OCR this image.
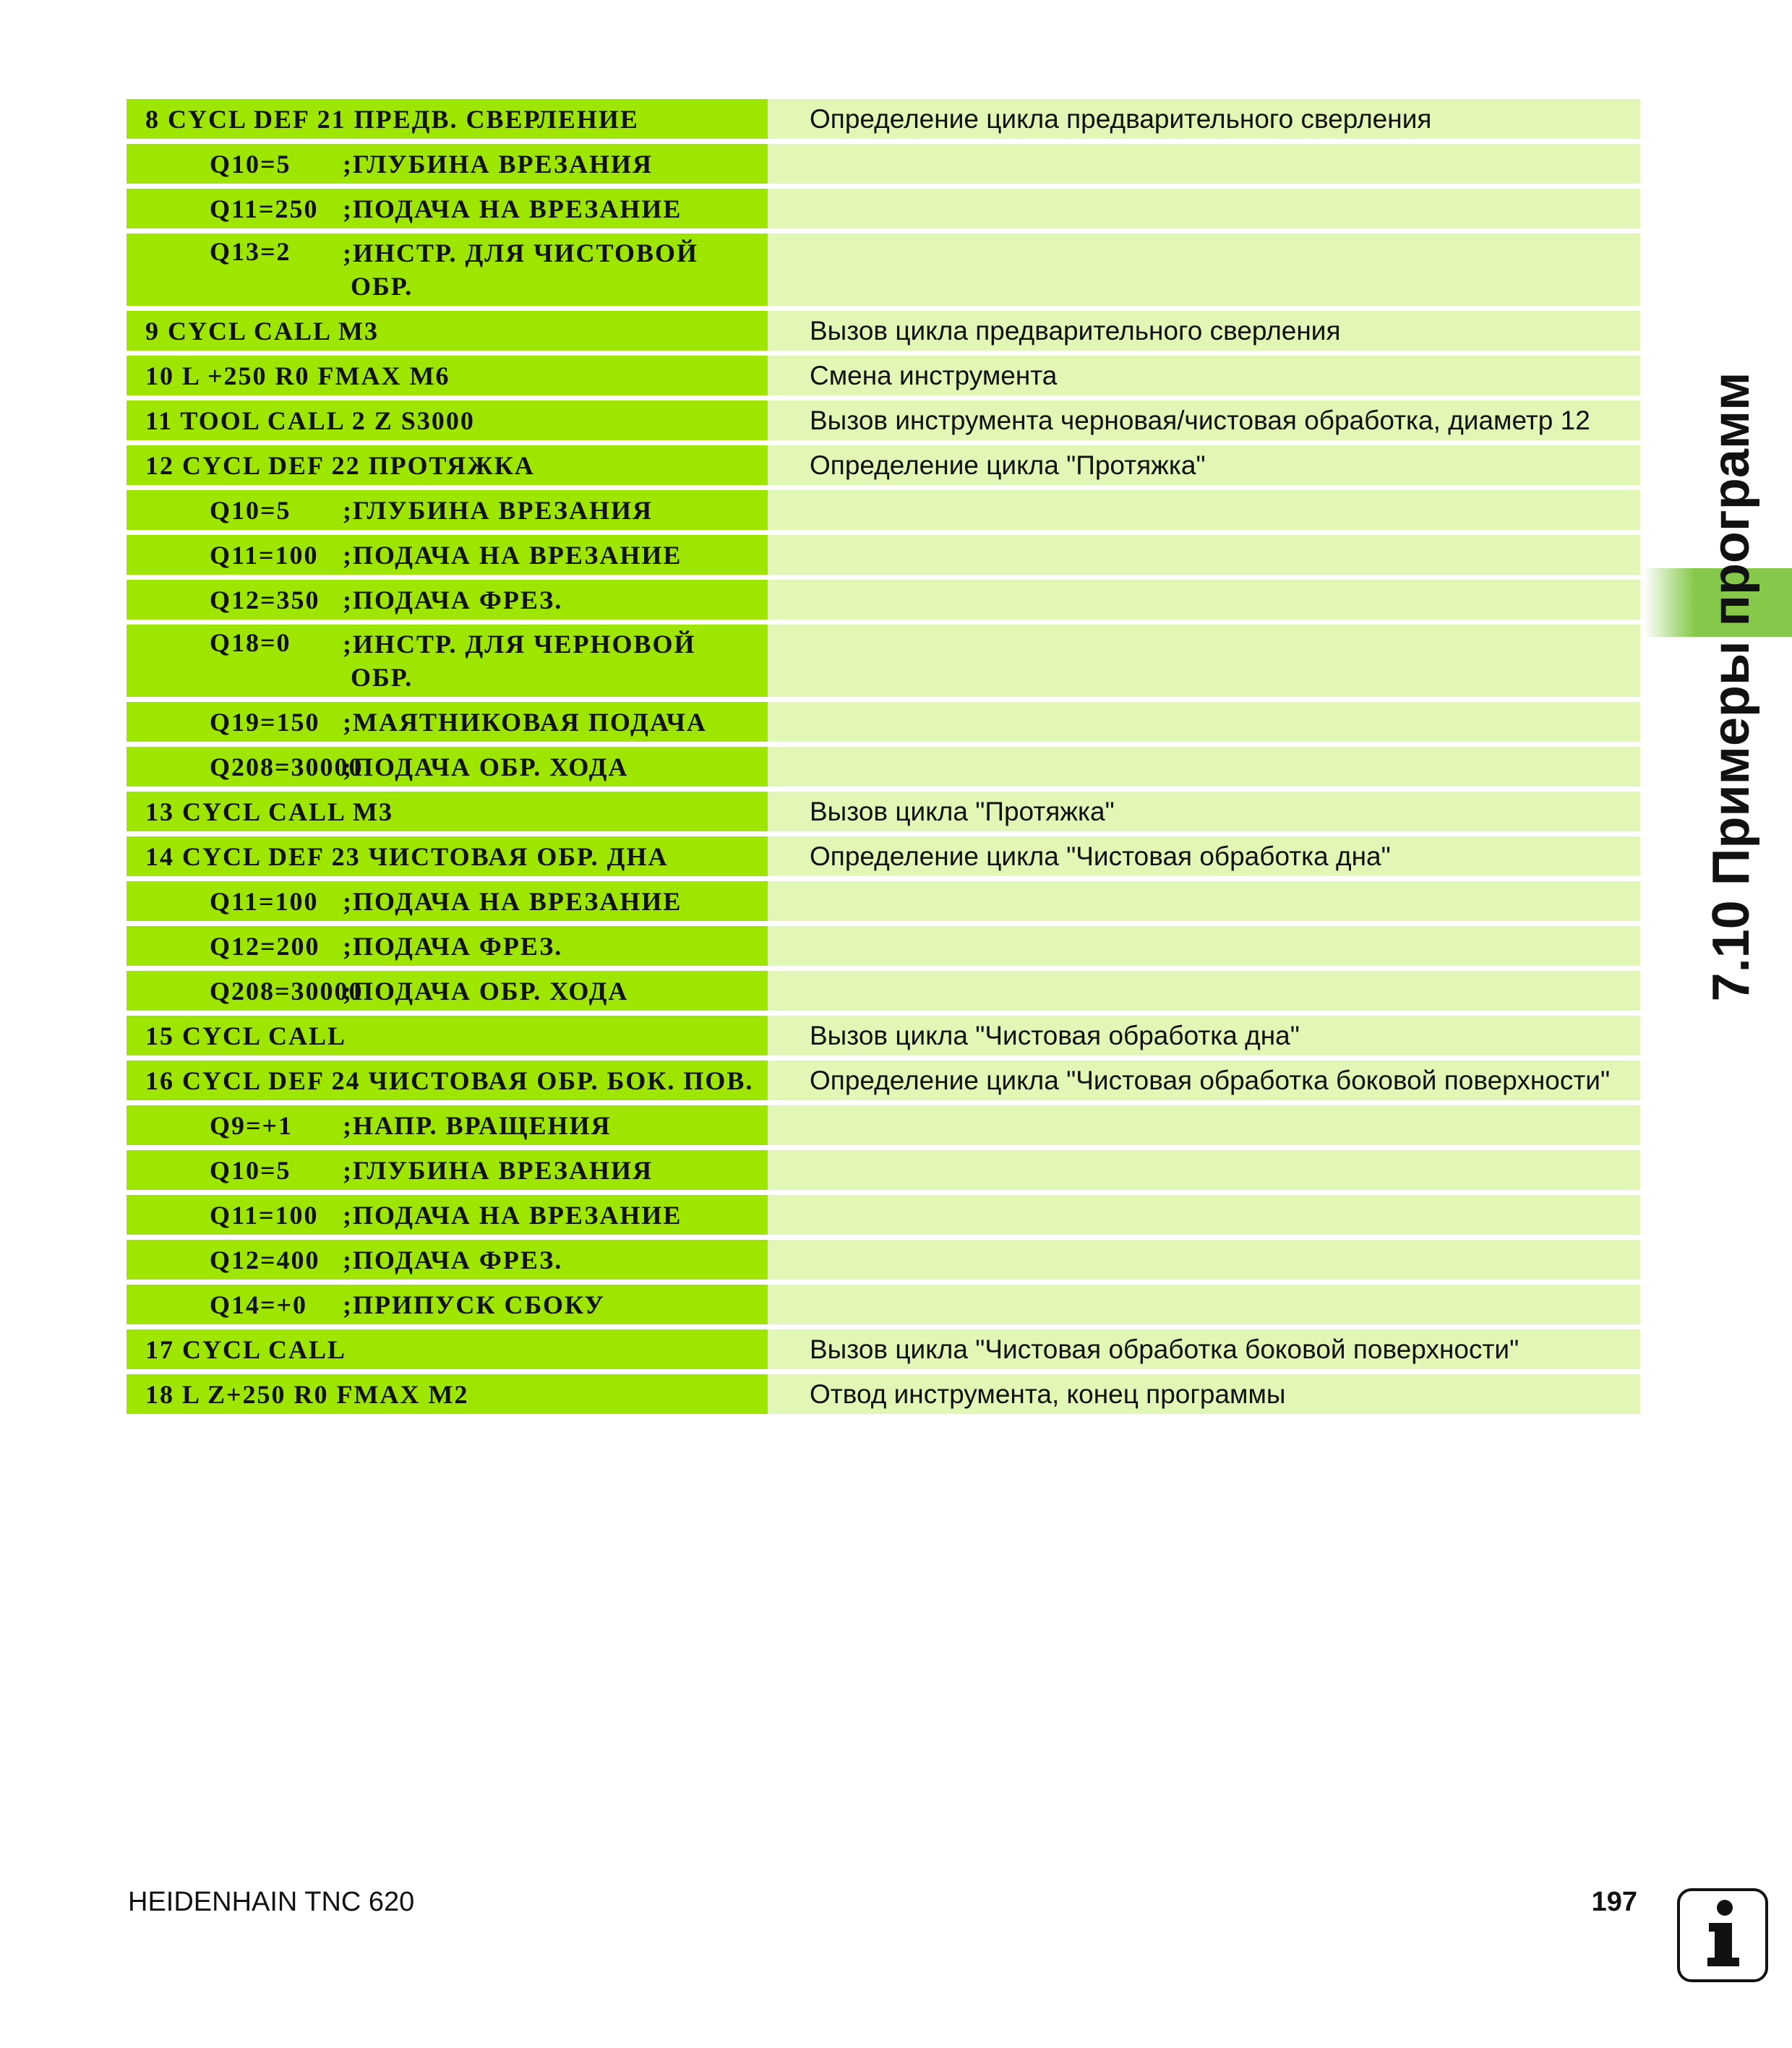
7.10 Примеры программ
8 CYCL DEF 21 ПРЕДВ. СВЕРЛЕНИЕ	Определение цикла предварительного сверления
Q10=5	;ГЛУБИНА ВРЕЗАНИЯ
Q11=250 ;ПОДАЧА НА ВРЕЗАНИЕ
Q13=2	;ИНСТР. ДЛЯ ЧИСТОВОЙ
ОБР.
9 CYCL CALL M3	Вызов цикла предварительного сверления
10 L +250 R0 FMAX M6	Смена инструмента
11 TOOL CALL 2 Z S3000	Вызов инструмента черновая/чистовая обработка, диаметр 12
12 CYCL DEF 22 ПРОТЯЖКА	Определение цикла "Протяжка"
Q10=5	;ГЛУБИНА ВРЕЗАНИЯ
Q11=100 ;ПОДАЧА НА ВРЕЗАНИЕ
Q12=350 ;ПОДАЧА ФРЕЗ.
Q18=0	;ИНСТР. ДЛЯ ЧЕРНОВОЙ
ОБР.
Q19=150 ;МАЯТНИКОВАЯ ПОДАЧА
Q208=30000
;ПОДАЧА ОБР. ХОДА
13 CYCL CALL M3	Вызов цикла "Протяжка"
14 CYCL DEF 23 ЧИСТОВАЯ ОБР. ДНА	Определение цикла "Чистовая обработка дна"
Q11=100 ;ПОДАЧА НА ВРЕЗАНИЕ
Q12=200 ;ПОДАЧА ФРЕЗ.
Q208=30000
;ПОДАЧА ОБР. ХОДА
15 CYCL CALL	Вызов цикла "Чистовая обработка дна"
16 CYCL DEF 24 ЧИСТОВАЯ ОБР. БОК. ПОВ.	Определение цикла "Чистовая обработка боковой поверхности"
Q9=+1	;НАПР. ВРАЩЕНИЯ
Q10=5	;ГЛУБИНА ВРЕЗАНИЯ
Q11=100 ;ПОДАЧА НА ВРЕЗАНИЕ
Q12=400 ;ПОДАЧА ФРЕЗ.
Q14=+0	;ПРИПУСК СБОКУ
17 CYCL CALL	Вызов цикла "Чистовая обработка боковой поверхности"
18 L Z+250 R0 FMAX M2	Отвод инструмента, конец программы
HEIDENHAIN TNC 620	197
